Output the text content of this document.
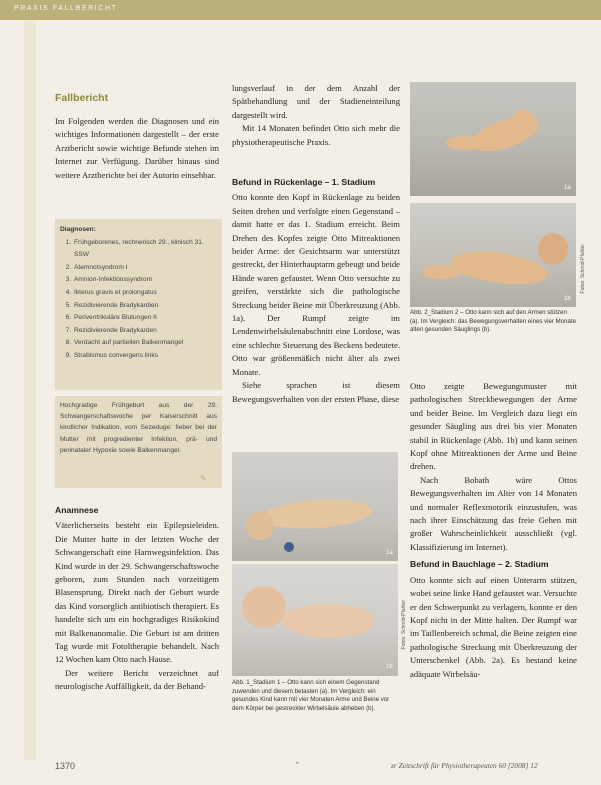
PRAXIS FALLBERICHT
Fallbericht

Im Folgenden werden die Diagnosen und ein wichtiges Informationen dargestellt – der erste Arztbericht sowie wichtige Befunde stehen im Internet zur Verfügung. Darüber hinaus sind weitere Arztberichte bei der Autorin einsehbar.

Diagnosen:
1. Frühgeborenes, rechnerisch 29., klinisch 31. SSW
2. Atemnotsyndrom I
3. Amnion-Infektionssyndrom
4. Ikterus gravis et prolongatus
5. Rezidivierende Bradykardien
6. Periventrikuläre Blutungen II
7. Rezidivierende Bradykarden
8. Verdacht auf partiellen Balkenmangel
9. Strabismus convergens links

Hochgradige Frühgeburt aus der 29. Schwangerschaftswoche per Kaiserschnitt aus kindlicher Indikation, vom Sezeduge: fieber bei der Mutter mit progredienter Infektion, prä- und perinataler Hypoxie sowie Balkenmangel.

✎
Anamnese

Väterlicherseits besteht ein Epilepsieleiden. Die Mutter hatte in der letzten Woche der Schwangerschaft eine Harnwegsinfektion. Das Kind wurde in der 29. Schwangerschaftswoche geboren, zum Stunden nach vorzeitigem Blasensprung. Direkt nach der Geburt wurde das Kind vorsorglich antibiotisch therapiert. Es handelte sich um ein hochgradiges Risikokind mit Balkenanomalie. Die Geburt ist am dritten Tag wurde mit Fotoltherapie behandelt. Nach 12 Wochen kam Otto nach Hause.

Der weitere Bericht verzeichnet auf neurologische Auffälligkeit, da der Behand-

lungsverlauf in der dem Anzahl der Spätbehandlung und der Stadieneinteilung dargestellt wird.

Mit 14 Monaten befindet Otto sich mehr die physiotherapeutische Praxis.

Befund in Rückenlage – 1. Stadium

Otto konnte den Kopf in Rückenlage zu beiden Seiten drehen und verfolgte einen Gegenstand – damit hatte er das 1. Stadium erreicht. Beim Drehen des Kopfes zeigte Otto Mitreaktionen beider Arme: der Gesichtsarm war unterstützt gestreckt, der Hinterhauptarm gebeugt und beide Hände waren gefaustet. Wenn Otto versuchte zu greifen, verstärkte sich die pathologische Streckung beider Beine mit Überkreuzung (Abb. 1a). Der Rumpf zeigte im Lendenwirbelsäulenabschnitt eine Lordose, was eine schlechte Steuerung des Beckens bedeutete. Otto war größenmäßich nicht älter als zwei Monate.

Siehe sprachen ist diesem Bewegungsverhalten von der ersten Phase, diese

1a
1b
Fotos: Schmid-Pfahler
Abb. 2_Stadium 2 – Otto kann sich auf den Armen stützen (a). Im Vergleich: das Bewegungsverhalten eines vier Monate alten gesunden Säuglings (b).
1a
1b
Fotos: Schmid-Pfahler
Abb. 1_Stadium 1 – Otto kann sich einem Gegenstand zuwenden und diesem betasten (a). Im Vergleich: ein gesundes Kind kann mit vier Monaten Arme und Beine vor dem Körper bei gestreckter Wirbelsäule abheben (b).

Otto zeigte Bewegungsmuster mit pathologischen Streckbewegungen der Arme und beider Beine. Im Vergleich dazu liegt ein gesunder Säugling aus drei bis vier Monaten stabil in Rückenlage (Abb. 1b) und kann seinen Kopf ohne Mitreaktionen der Arme und Beine drehen.

Nach Bobath wäre Ottos Bewegungsverhalten im Alter von 14 Monaten und normaler Reflexmotorik einzustufen, was nach ihrer Einschätzung das freie Gehen mit großer Wahrscheinlichkeit ausschließt (vgl. Klassifizierung im Internet).

Befund in Bauchlage – 2. Stadium

Otto konnte sich auf einen Unterarm stützen, wobei seine linke Hand gefaustet war. Versuchte er den Schwerpunkt zu verlagern, konnte er den Kopf nicht in der Mitte halten. Der Rumpf war im Taillenbereich schmal, die Beine zeigten eine pathologische Streckung mit Überkreuzung der Unterschenkel (Abb. 2a). Es bestand keine adäquate Wirbelsäu-

1370	*	zr Zeitschrift für Physiotherapeuten 60 [2008] 12
